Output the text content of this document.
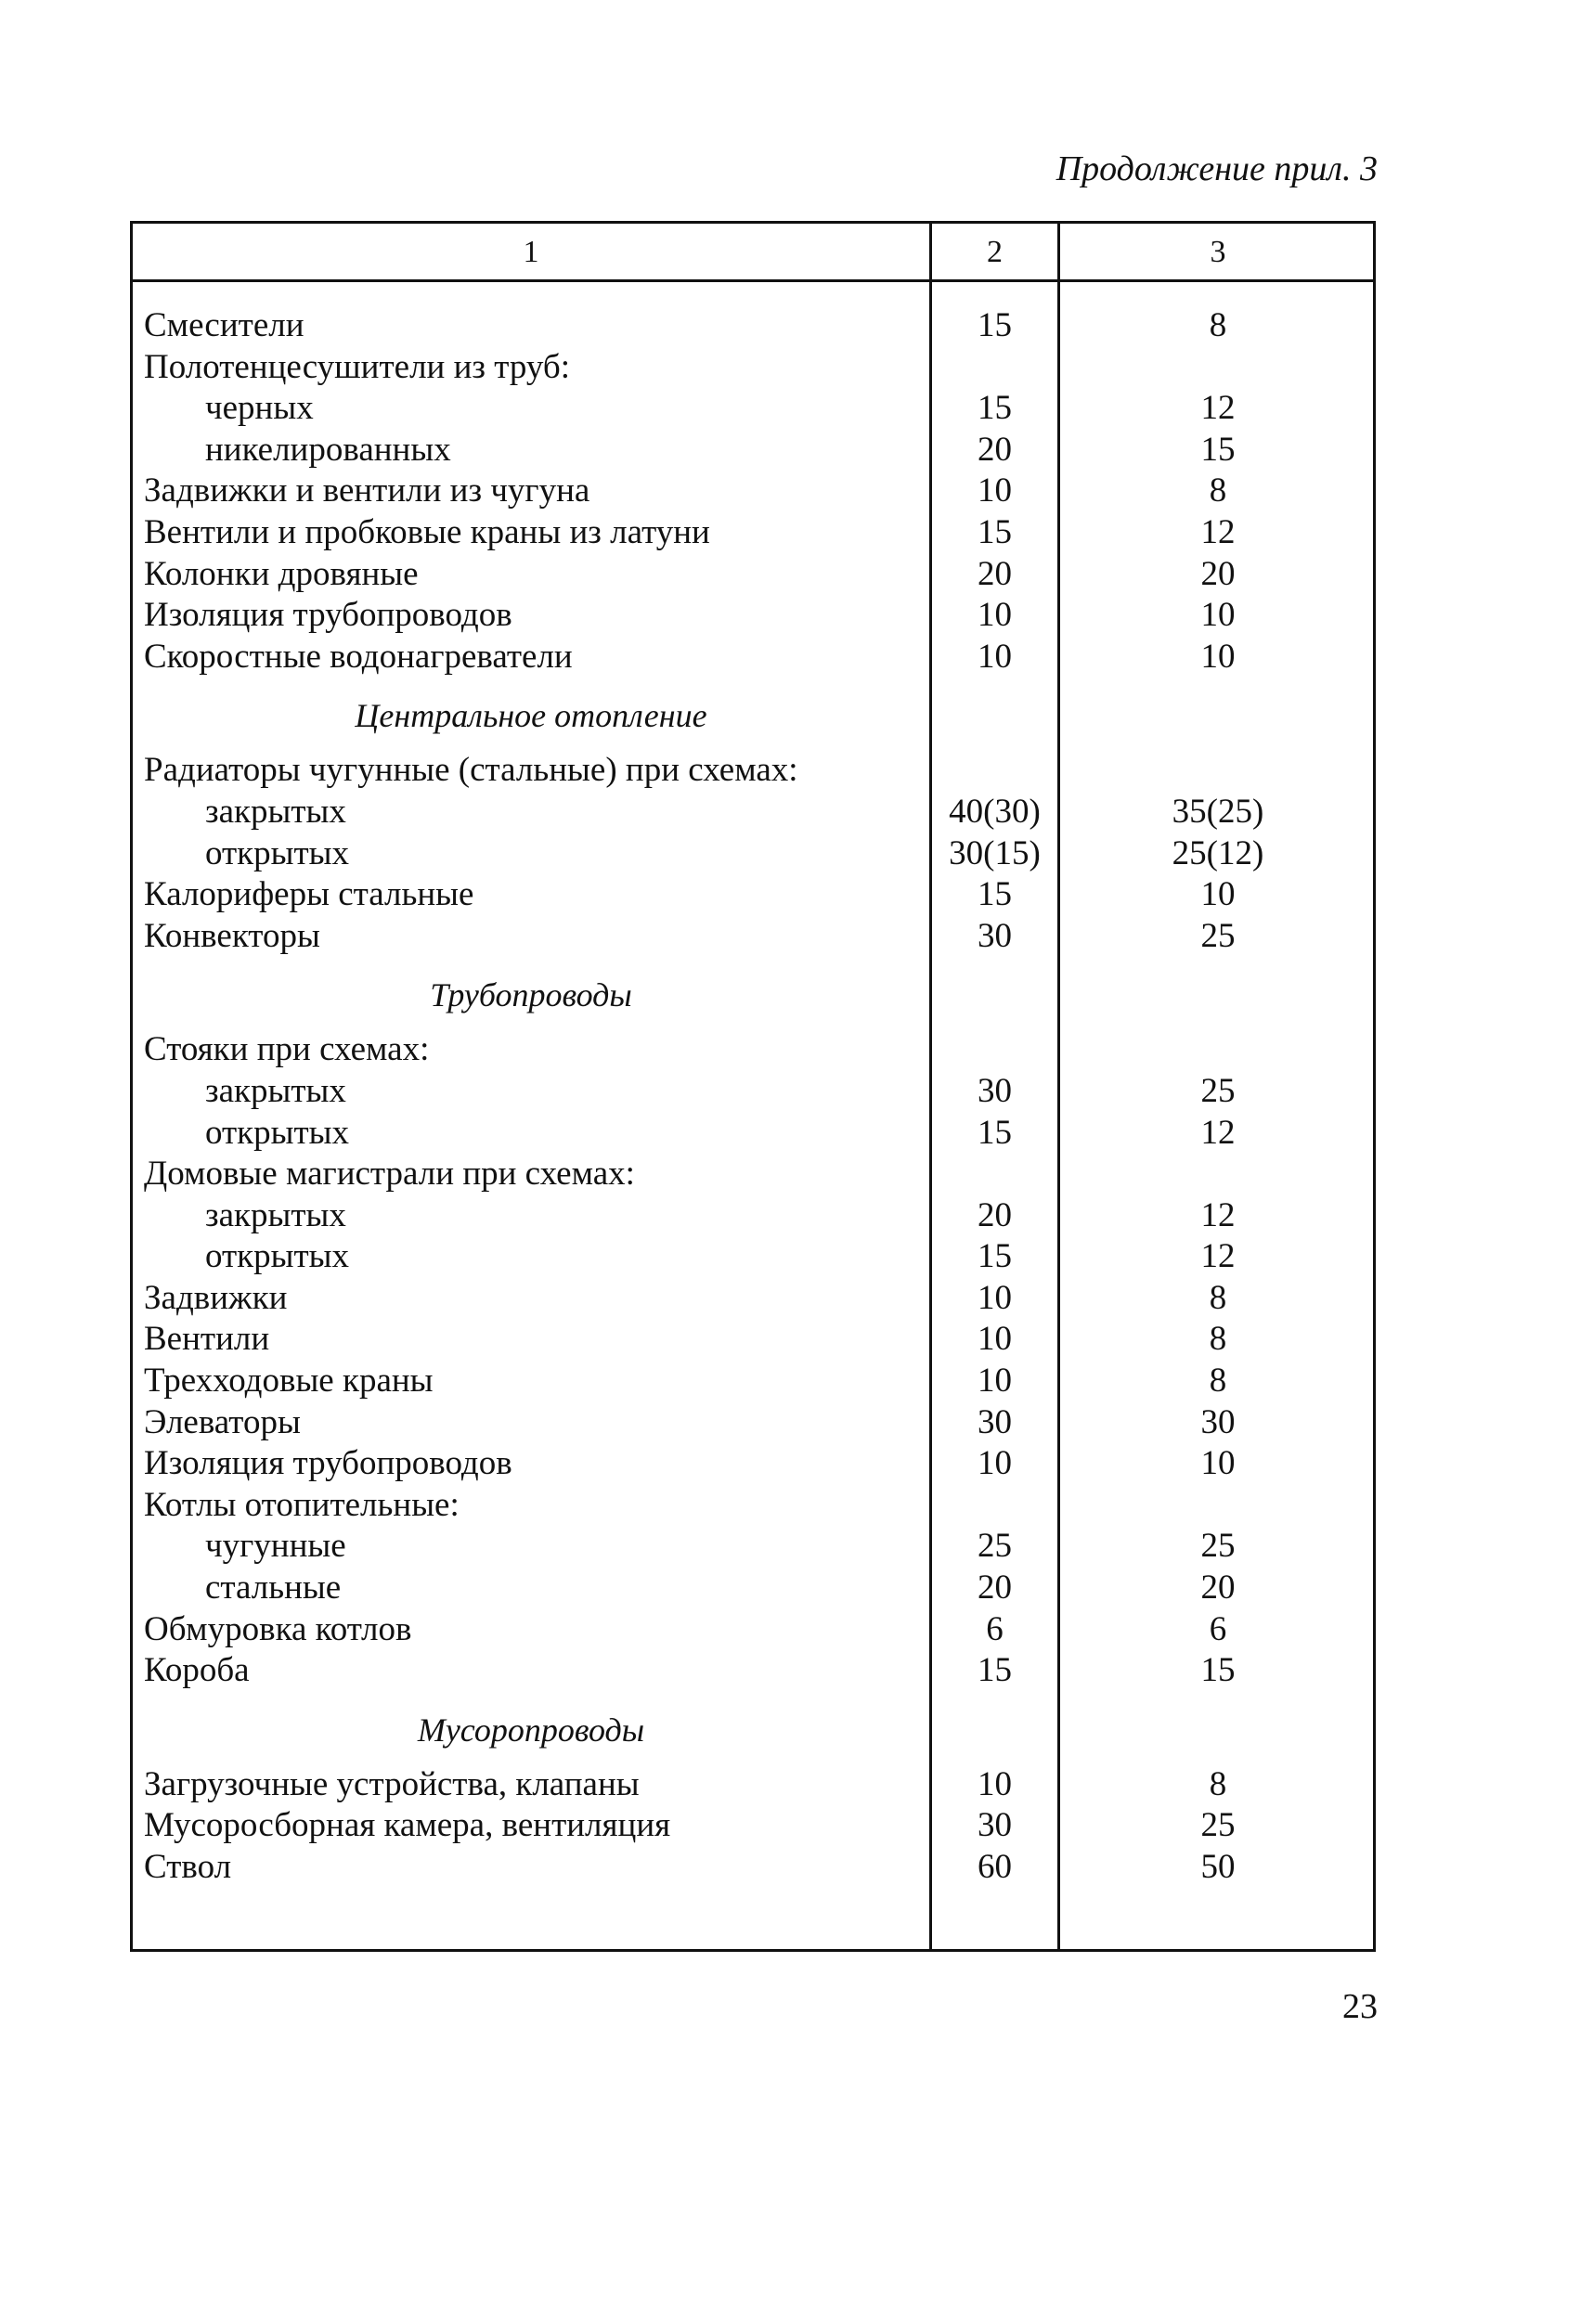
Продолжение прил. 3
1	2	3
Смесители	15	8
Полотенцесушители из труб:
черных	15	12
никелированных	20	15
Задвижки и вентили из чугуна	10	8
Вентили и пробковые краны из латуни	15	12
Колонки дровяные	20	20
Изоляция трубопроводов	10	10
Скоростные водонагреватели	10	10
Центральное отопление
Радиаторы чугунные (стальные) при схемах:
закрытых	40(30)	35(25)
открытых	30(15)	25(12)
Калориферы стальные	15	10
Конвекторы	30	25
Трубопроводы
Стояки при схемах:
закрытых	30	25
открытых	15	12
Домовые магистрали при схемах:
закрытых	20	12
открытых	15	12
Задвижки	10	8
Вентили	10	8
Трехходовые краны	10	8
Элеваторы	30	30
Изоляция трубопроводов	10	10
Котлы отопительные:
чугунные	25	25
стальные	20	20
Обмуровка котлов	6	6
Короба	15	15
Мусоропроводы
Загрузочные устройства, клапаны	10	8
Мусоросборная камера, вентиляция	30	25
Ствол	60	50
23
